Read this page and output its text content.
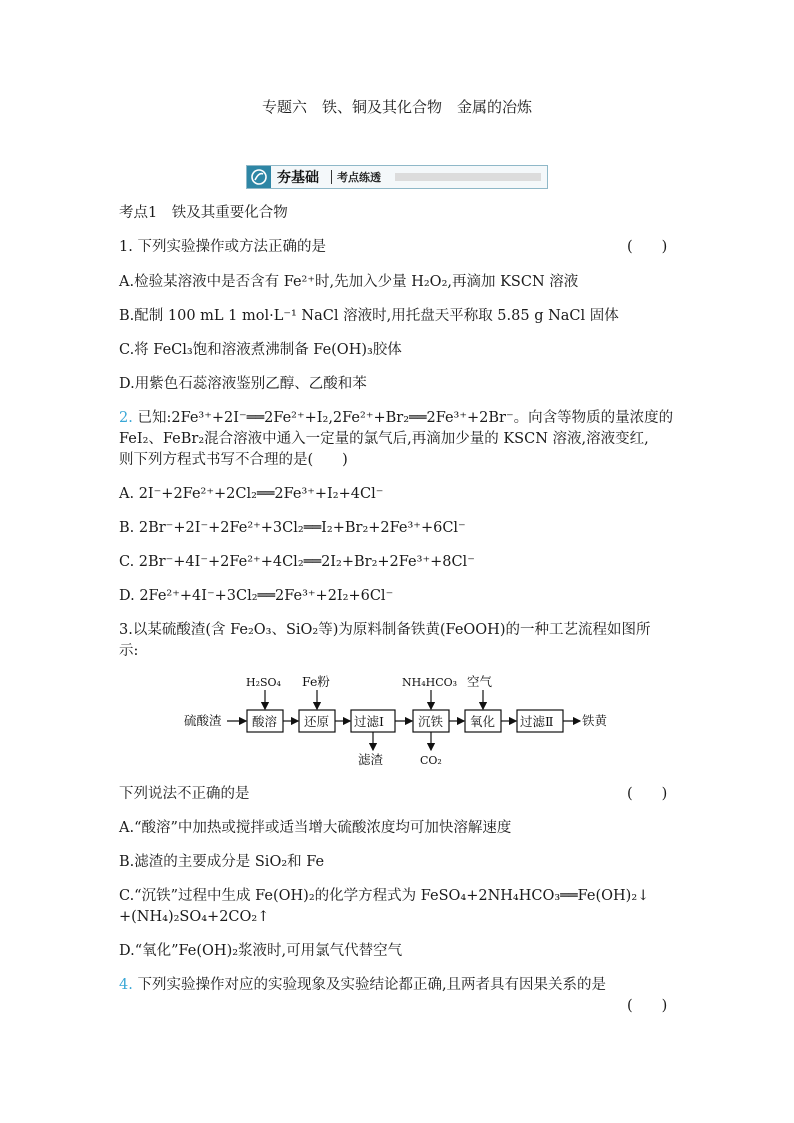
专题六　铁、铜及其化合物　金属的冶炼
夯基础 考点练透
考点1　铁及其重要化合物
1. 下列实验操作或方法正确的是	(　　)
A.检验某溶液中是否含有 Fe²⁺时,先加入少量 H₂O₂,再滴加 KSCN 溶液
B.配制 100 mL 1 mol·L⁻¹ NaCl 溶液时,用托盘天平称取 5.85 g NaCl 固体
C.将 FeCl₃饱和溶液煮沸制备 Fe(OH)₃胶体
D.用紫色石蕊溶液鉴别乙醇、乙酸和苯
2. 已知:2Fe³⁺+2I⁻══2Fe²⁺+I₂,2Fe²⁺+Br₂══2Fe³⁺+2Br⁻。向含等物质的量浓度的
FeI₂、FeBr₂混合溶液中通入一定量的氯气后,再滴加少量的 KSCN 溶液,溶液变红,
则下列方程式书写不合理的是(　　)
A. 2I⁻+2Fe²⁺+2Cl₂══2Fe³⁺+I₂+4Cl⁻
B. 2Br⁻+2I⁻+2Fe²⁺+3Cl₂══I₂+Br₂+2Fe³⁺+6Cl⁻
C. 2Br⁻+4I⁻+2Fe²⁺+4Cl₂══2I₂+Br₂+2Fe³⁺+8Cl⁻
D. 2Fe²⁺+4I⁻+3Cl₂══2Fe³⁺+2I₂+6Cl⁻
3.以某硫酸渣(含 Fe₂O₃、SiO₂等)为原料制备铁黄(FeOOH)的一种工艺流程如图所
示:
硫酸渣 酸溶 还原 过滤Ⅰ	沉铁 氧化 过滤Ⅱ 铁黄
H₂SO₄ Fe粉	NH₄HCO₃ 空气
滤渣	CO₂
下列说法不正确的是	(　　)
A.“酸溶”中加热或搅拌或适当增大硫酸浓度均可加快溶解速度
B.滤渣的主要成分是 SiO₂和 Fe
C.“沉铁”过程中生成 Fe(OH)₂的化学方程式为 FeSO₄+2NH₄HCO₃══Fe(OH)₂↓
+(NH₄)₂SO₄+2CO₂↑
D.“氧化”Fe(OH)₂浆液时,可用氯气代替空气
4. 下列实验操作对应的实验现象及实验结论都正确,且两者具有因果关系的是
(　　)
